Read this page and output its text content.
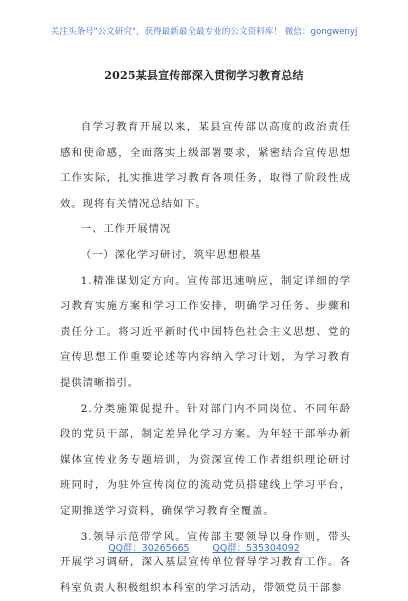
关注头条号"公文研究"，获得最新最全最专业的公文资料库！ 微信：gongwenyj
2025某县宣传部深入贯彻学习教育总结

自学习教育开展以来，某县宣传部以高度的政治责任感和使命感，全面落实上级部署要求，紧密结合宣传思想工作实际，扎实推进学习教育各项任务，取得了阶段性成效。现将有关情况总结如下。

一、工作开展情况

（一）深化学习研讨，筑牢思想根基

1.精准谋划定方向。宣传部迅速响应，制定详细的学习教育实施方案和学习工作安排，明确学习任务、步骤和责任分工。将习近平新时代中国特色社会主义思想、党的宣传思想工作重要论述等内容纳入学习计划，为学习教育提供清晰指引。

2.分类施策促提升。针对部门内不同岗位、不同年龄段的党员干部，制定差异化学习方案。为年轻干部举办新媒体宣传业务专题培训，为资深宣传工作者组织理论研讨班同时，为驻外宣传岗位的流动党员搭建线上学习平台，定期推送学习资料，确保学习教育全覆盖。

3.领导示范带学风。宣传部主要领导以身作则，带头开展学习调研，深入基层宣传单位督导学习教育工作。各科室负责人积极组织本科室的学习活动，带领党员干部参

QQ群：30265665 QQ群：535304092
